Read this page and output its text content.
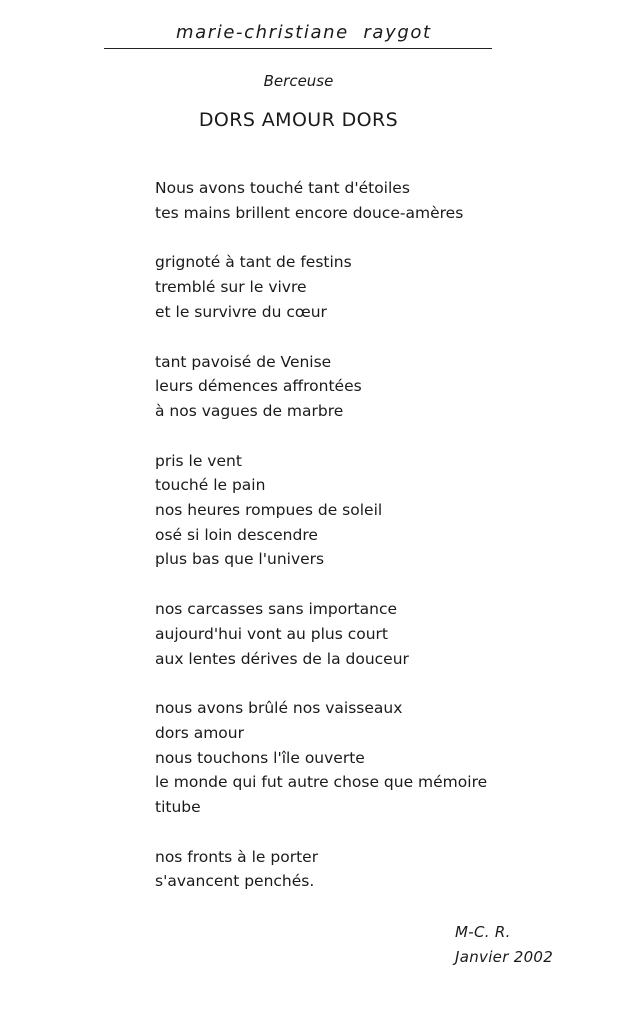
marie-christiane  raygot
Berceuse
DORS AMOUR DORS
Nous avons touché tant d'étoiles
tes mains brillent encore douce-amères
grignoté à tant de festins
tremblé sur le vivre
et le survivre du cœur
tant pavoisé de Venise
leurs démences affrontées
à nos vagues de marbre
pris le vent
touché le pain
nos heures rompues de soleil
osé si loin descendre
plus bas que l'univers
nos carcasses sans importance
aujourd'hui vont au plus court
aux lentes dérives de la douceur
nous avons brûlé nos vaisseaux
dors amour
nous touchons l'île ouverte
le monde qui fut autre chose que mémoire
titube
nos fronts à le porter
s'avancent penchés.
M-C. R.
Janvier 2002
